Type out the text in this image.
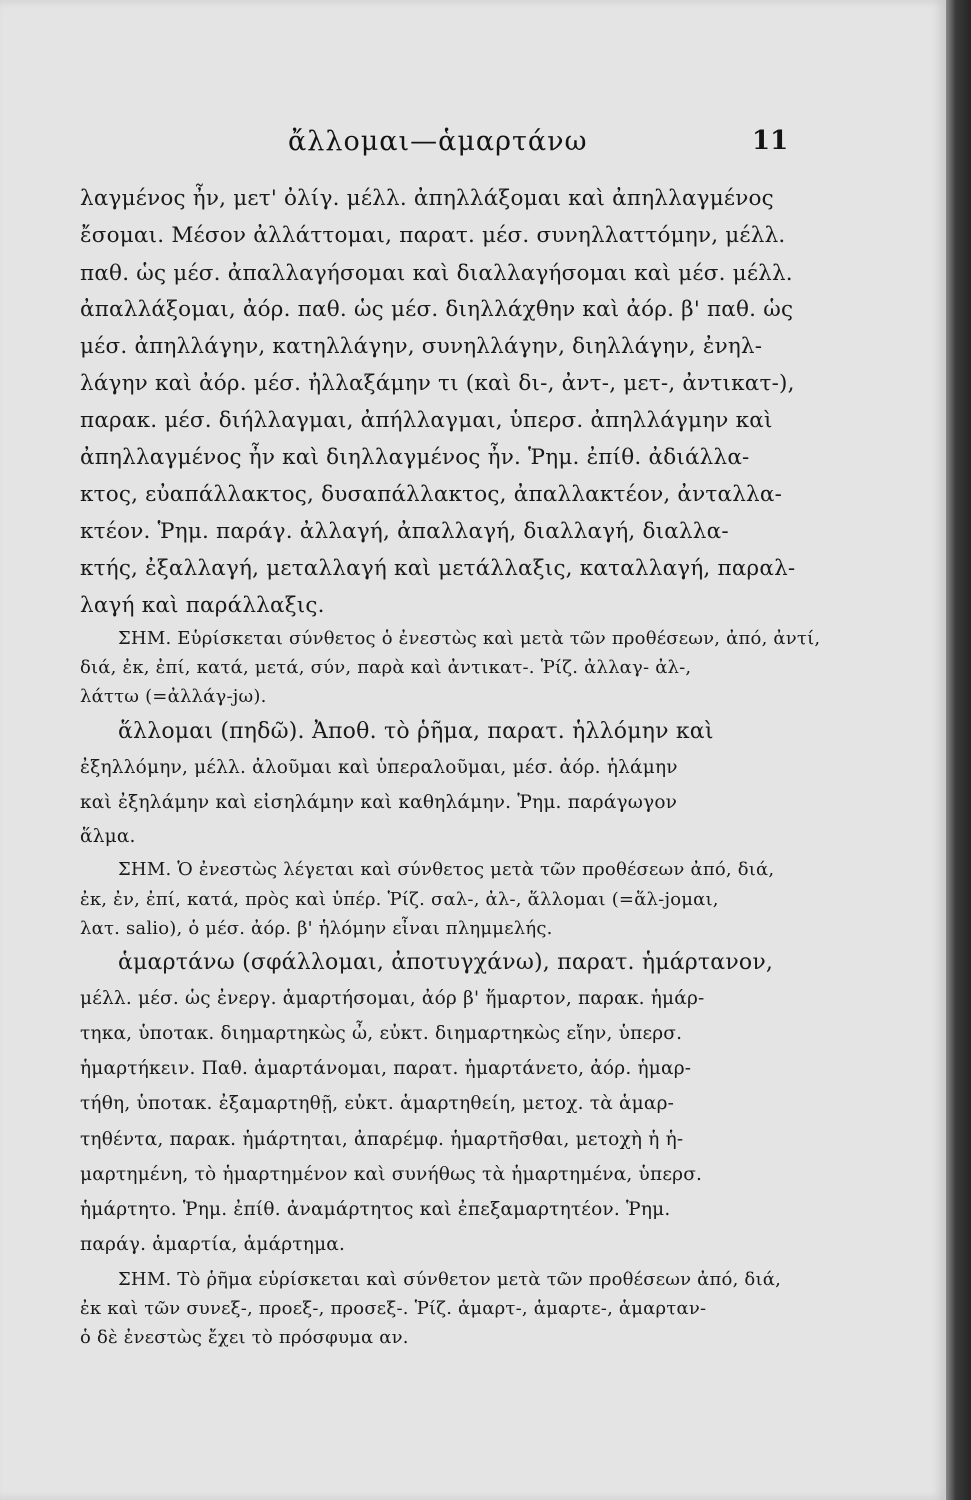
ἄλλομαι—ἁμαρτάνω	11
λαγμένος ἦν, μετ' ὀλίγ. μέλλ. ἀπηλλάξομαι καὶ ἀπηλλαγμένος
ἔσομαι. Μέσον ἀλλάττομαι, παρατ. μέσ. συνηλλαττόμην, μέλλ.
παθ. ὡς μέσ. ἀπαλλαγήσομαι καὶ διαλλαγήσομαι καὶ μέσ. μέλλ.
ἀπαλλάξομαι, ἀόρ. παθ. ὡς μέσ. διηλλάχθην καὶ ἀόρ. β' παθ. ὡς
μέσ. ἀπηλλάγην, κατηλλάγην, συνηλλάγην, διηλλάγην, ἐνηλ-
λάγην καὶ ἀόρ. μέσ. ἠλλαξάμην τι (καὶ δι-, ἀντ-, μετ-, ἀντικατ-),
παρακ. μέσ. διήλλαγμαι, ἀπήλλαγμαι, ὑπερσ. ἀπηλλάγμην καὶ
ἀπηλλαγμένος ἦν καὶ διηλλαγμένος ἦν. Ῥημ. ἐπίθ. ἀδιάλλα-
κτος, εὐαπάλλακτος, δυσαπάλλακτος, ἀπαλλακτέον, ἀνταλλα-
κτέον. Ῥημ. παράγ. ἀλλαγή, ἀπαλλαγή, διαλλαγή, διαλλα-
κτής, ἐξαλλαγή, μεταλλαγή καὶ μετάλλαξις, καταλλαγή, παραλ-
λαγή καὶ παράλλαξις.
ΣΗΜ. Εὑρίσκεται σύνθετος ὁ ἐνεστὼς καὶ μετὰ τῶν προθέσεων, ἀπό, ἀντί,
διά, ἐκ, ἐπί, κατά, μετά, σύν, παρὰ καὶ ἀντικατ-. Ῥίζ. ἀλλαγ- ἀλ-,
λάττω (=ἀλλάγ-jω).
ἅλλομαι (πηδῶ). Ἀποθ. τὸ ῥῆμα, παρατ. ἡλλόμην καὶ
ἐξηλλόμην, μέλλ. ἀλοῦμαι καὶ ὑπεραλοῦμαι, μέσ. ἀόρ. ἡλάμην
καὶ ἐξηλάμην καὶ εἰσηλάμην καὶ καθηλάμην. Ῥημ. παράγωγον
ἅλμα.
ΣΗΜ. Ὁ ἐνεστὼς λέγεται καὶ σύνθετος μετὰ τῶν προθέσεων ἀπό, διά,
ἐκ, ἐν, ἐπί, κατά, πρὸς καὶ ὑπέρ. Ῥίζ. σαλ-, ἀλ-, ἅλλομαι (=ἅλ-jομαι,
λατ. salio), ὁ μέσ. ἀόρ. β' ἡλόμην εἶναι πλημμελής.
ἁμαρτάνω (σφάλλομαι, ἀποτυγχάνω), παρατ. ἡμάρτανον,
μέλλ. μέσ. ὡς ἐνεργ. ἁμαρτήσομαι, ἀόρ β' ἥμαρτον, παρακ. ἡμάρ-
τηκα, ὑποτακ. διημαρτηκὼς ὦ, εὐκτ. διημαρτηκὼς εἴην, ὑπερσ.
ἡμαρτήκειν. Παθ. ἁμαρτάνομαι, παρατ. ἡμαρτάνετο, ἀόρ. ἡμαρ-
τήθη, ὑποτακ. ἐξαμαρτηθῇ, εὐκτ. ἁμαρτηθείη, μετοχ. τὰ ἁμαρ-
τηθέντα, παρακ. ἡμάρτηται, ἀπαρέμφ. ἡμαρτῆσθαι, μετοχὴ ἡ ἡ-
μαρτημένη, τὸ ἡμαρτημένον καὶ συνήθως τὰ ἡμαρτημένα, ὑπερσ.
ἡμάρτητο. Ῥημ. ἐπίθ. ἀναμάρτητος καὶ ἐπεξαμαρτητέον. Ῥημ.
παράγ. ἁμαρτία, ἁμάρτημα.
ΣΗΜ. Τὸ ῥῆμα εὑρίσκεται καὶ σύνθετον μετὰ τῶν προθέσεων ἀπό, διά,
ἐκ καὶ τῶν συνεξ-, προεξ-, προσεξ-. Ῥίζ. ἁμαρτ-, ἁμαρτε-, ἁμαρταν-
ὁ δὲ ἐνεστὼς ἔχει τὸ πρόσφυμα αν.
